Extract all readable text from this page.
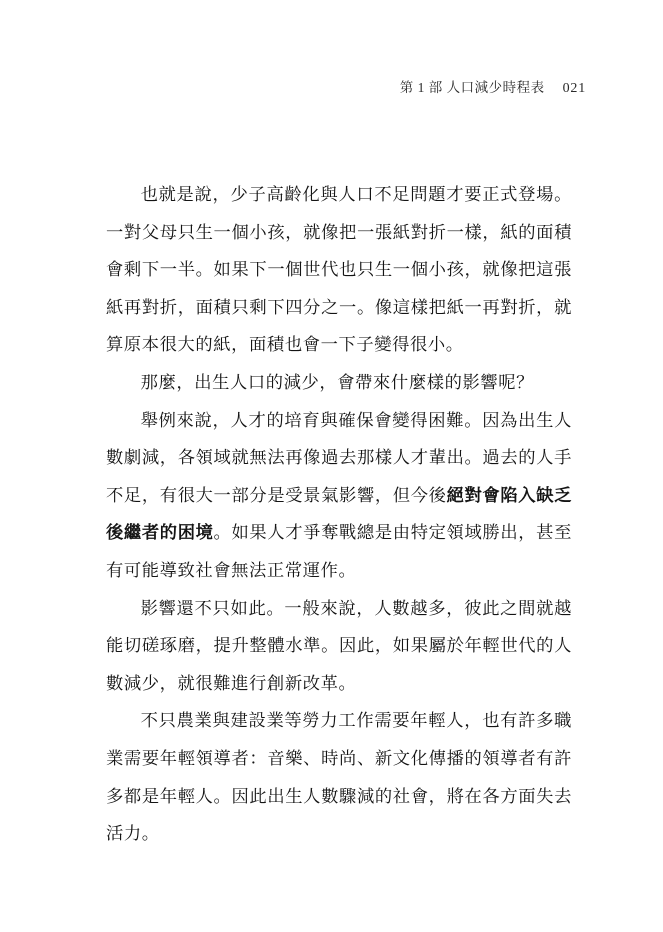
第 1 部 人口減少時程表 021

也就是說，少子高齡化與人口不足問題才要正式登場。一對父母只生一個小孩，就像把一張紙對折一樣，紙的面積會剩下一半。如果下一個世代也只生一個小孩，就像把這張紙再對折，面積只剩下四分之一。像這樣把紙一再對折，就算原本很大的紙，面積也會一下子變得很小。

那麼，出生人口的減少，會帶來什麼樣的影響呢？

舉例來說，人才的培育與確保會變得困難。因為出生人數劇減，各領域就無法再像過去那樣人才輩出。過去的人手不足，有很大一部分是受景氣影響，但今後絕對會陷入缺乏後繼者的困境。如果人才爭奪戰總是由特定領域勝出，甚至有可能導致社會無法正常運作。

影響還不只如此。一般來說，人數越多，彼此之間就越能切磋琢磨，提升整體水準。因此，如果屬於年輕世代的人數減少，就很難進行創新改革。

不只農業與建設業等勞力工作需要年輕人，也有許多職業需要年輕領導者：音樂、時尚、新文化傳播的領導者有許多都是年輕人。因此出生人數驟減的社會，將在各方面失去活力。
